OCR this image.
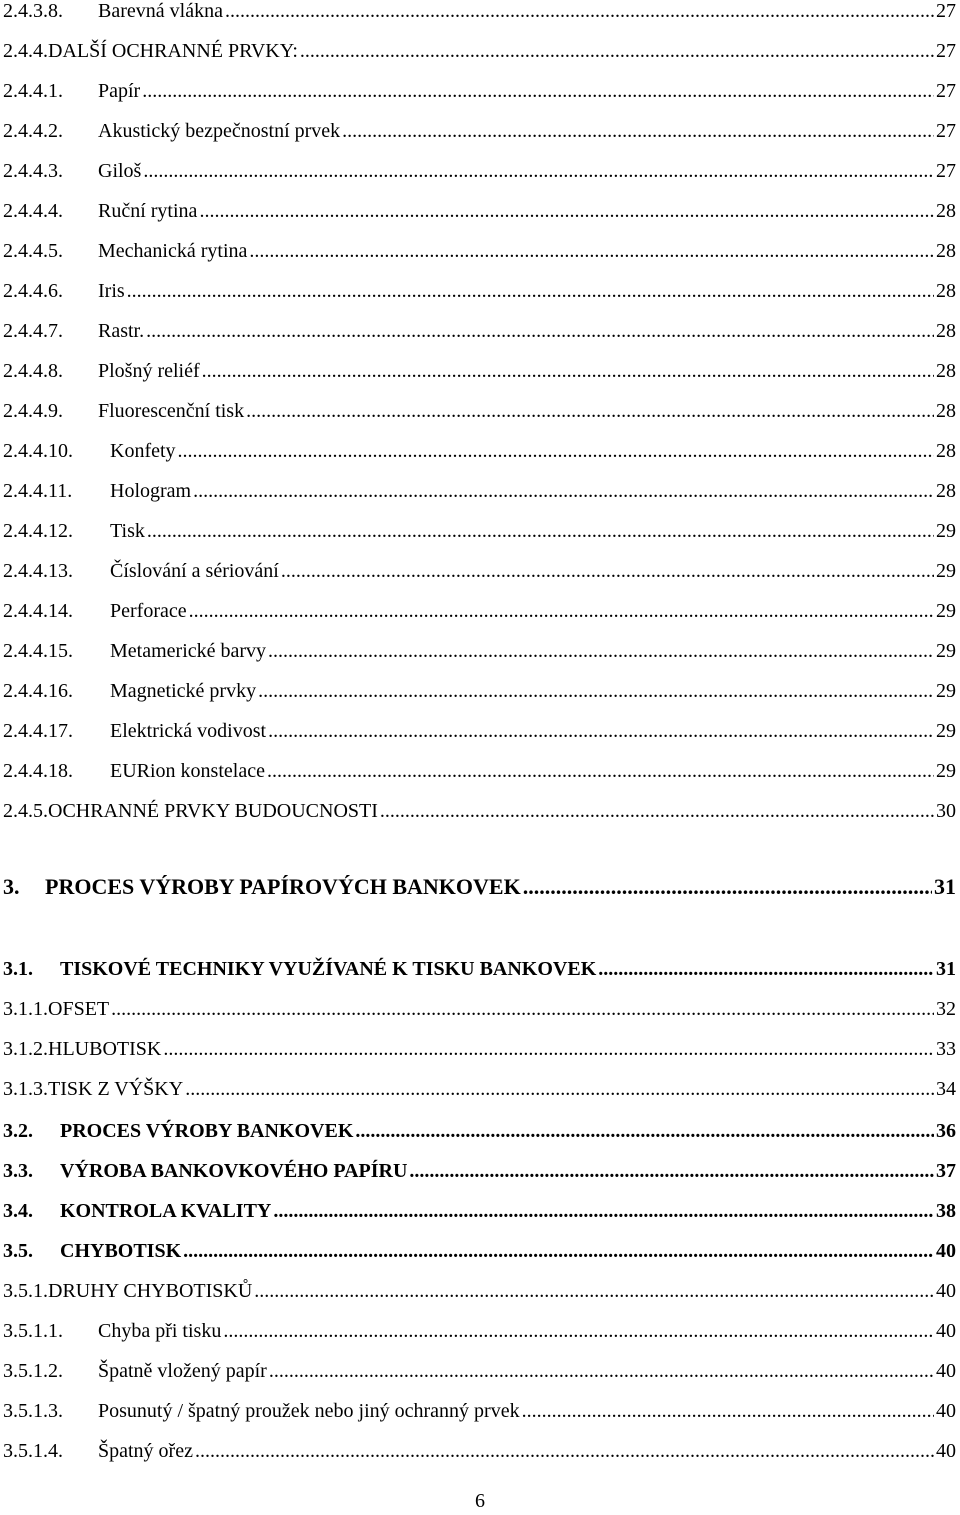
2.4.3.8.	Barevná vlákna .....	27
2.4.4. DALŠÍ OCHRANNÉ PRVKY: .....	27
2.4.4.1.	Papír .....	27
2.4.4.2.	Akustický bezpečnostní prvek .....	27
2.4.4.3.	Giloš .....	27
2.4.4.4.	Ruční rytina .....	28
2.4.4.5.	Mechanická rytina .....	28
2.4.4.6.	Iris .....	28
2.4.4.7.	Rastr. .....	28
2.4.4.8.	Plošný reliéf .....	28
2.4.4.9.	Fluorescenční tisk .....	28
2.4.4.10.	Konfety .....	28
2.4.4.11.	Hologram .....	28
2.4.4.12.	Tisk .....	29
2.4.4.13.	Číslování a sériování .....	29
2.4.4.14.	Perforace .....	29
2.4.4.15.	Metamerické barvy .....	29
2.4.4.16.	Magnetické prvky .....	29
2.4.4.17.	Elektrická vodivost .....	29
2.4.4.18.	EURion konstelace .....	29
2.4.5. OCHRANNÉ PRVKY BUDOUCNOSTI .....	30
3.	PROCES VÝROBY PAPÍROVÝCH BANKOVEK .....	31
3.1.	TISKOVÉ TECHNIKY VYUŽÍVANÉ K TISKU BANKOVEK .....	31
3.1.1. OFSET .....	32
3.1.2. HLUBOTISK .....	33
3.1.3. TISK Z VÝŠKY .....	34
3.2.	PROCES VÝROBY BANKOVEK .....	36
3.3.	VÝROBA BANKOVKOVÉHO PAPÍRU .....	37
3.4.	KONTROLA KVALITY .....	38
3.5.	CHYBOTISK .....	40
3.5.1. DRUHY CHYBOTISKŮ .....	40
3.5.1.1.	Chyba při tisku .....	40
3.5.1.2.	Špatně vložený papír .....	40
3.5.1.3.	Posunutý / špatný proužek nebo jiný ochranný prvek .....	40
3.5.1.4.	Špatný ořez .....	40
6
